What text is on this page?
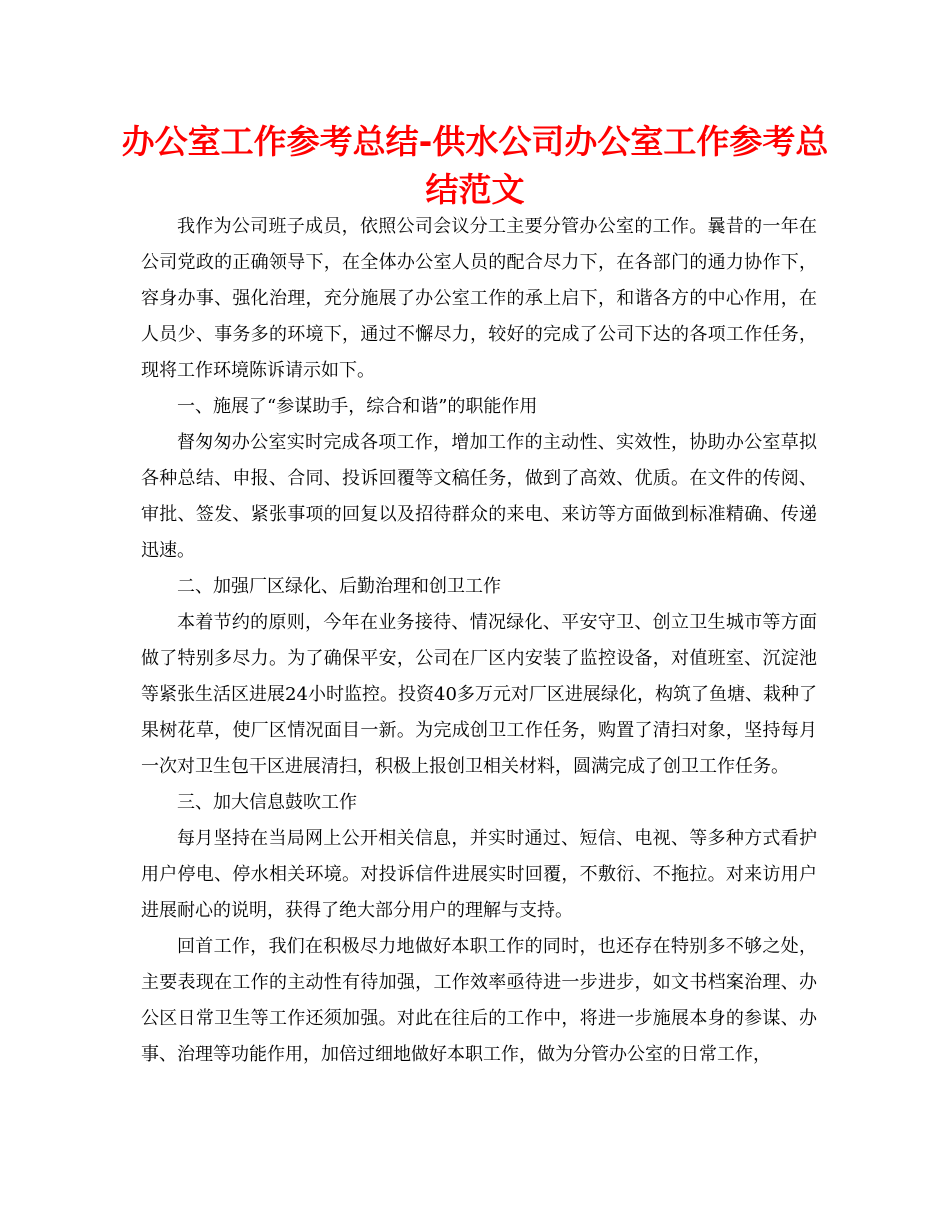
办公室工作参考总结-供水公司办公室工作参考总结范文

我作为公司班子成员，依照公司会议分工主要分管办公室的工作。曩昔的一年在公司党政的正确领导下，在全体办公室人员的配合尽力下，在各部门的通力协作下，容身办事、强化治理，充分施展了办公室工作的承上启下，和谐各方的中心作用，在人员少、事务多的环境下，通过不懈尽力，较好的完成了公司下达的各项工作任务，现将工作环境陈诉请示如下。

一、施展了“参谋助手，综合和谐”的职能作用

督匆匆办公室实时完成各项工作，增加工作的主动性、实效性，协助办公室草拟各种总结、申报、合同、投诉回覆等文稿任务，做到了高效、优质。在文件的传阅、审批、签发、紧张事项的回复以及招待群众的来电、来访等方面做到标准精确、传递迅速。

二、加强厂区绿化、后勤治理和创卫工作

本着节约的原则，今年在业务接待、情况绿化、平安守卫、创立卫生城市等方面做了特别多尽力。为了确保平安，公司在厂区内安装了监控设备，对值班室、沉淀池等紧张生活区进展24小时监控。投资40多万元对厂区进展绿化，构筑了鱼塘、栽种了果树花草，使厂区情况面目一新。为完成创卫工作任务，购置了清扫对象，坚持每月一次对卫生包干区进展清扫，积极上报创卫相关材料，圆满完成了创卫工作任务。

三、加大信息鼓吹工作

每月坚持在当局网上公开相关信息，并实时通过、短信、电视、等多种方式看护用户停电、停水相关环境。对投诉信件进展实时回覆，不敷衍、不拖拉。对来访用户进展耐心的说明，获得了绝大部分用户的理解与支持。

回首工作，我们在积极尽力地做好本职工作的同时，也还存在特别多不够之处，主要表现在工作的主动性有待加强，工作效率亟待进一步进步，如文书档案治理、办公区日常卫生等工作还须加强。对此在往后的工作中，将进一步施展本身的参谋、办事、治理等功能作用，加倍过细地做好本职工作，做为分管办公室的日常工作，
